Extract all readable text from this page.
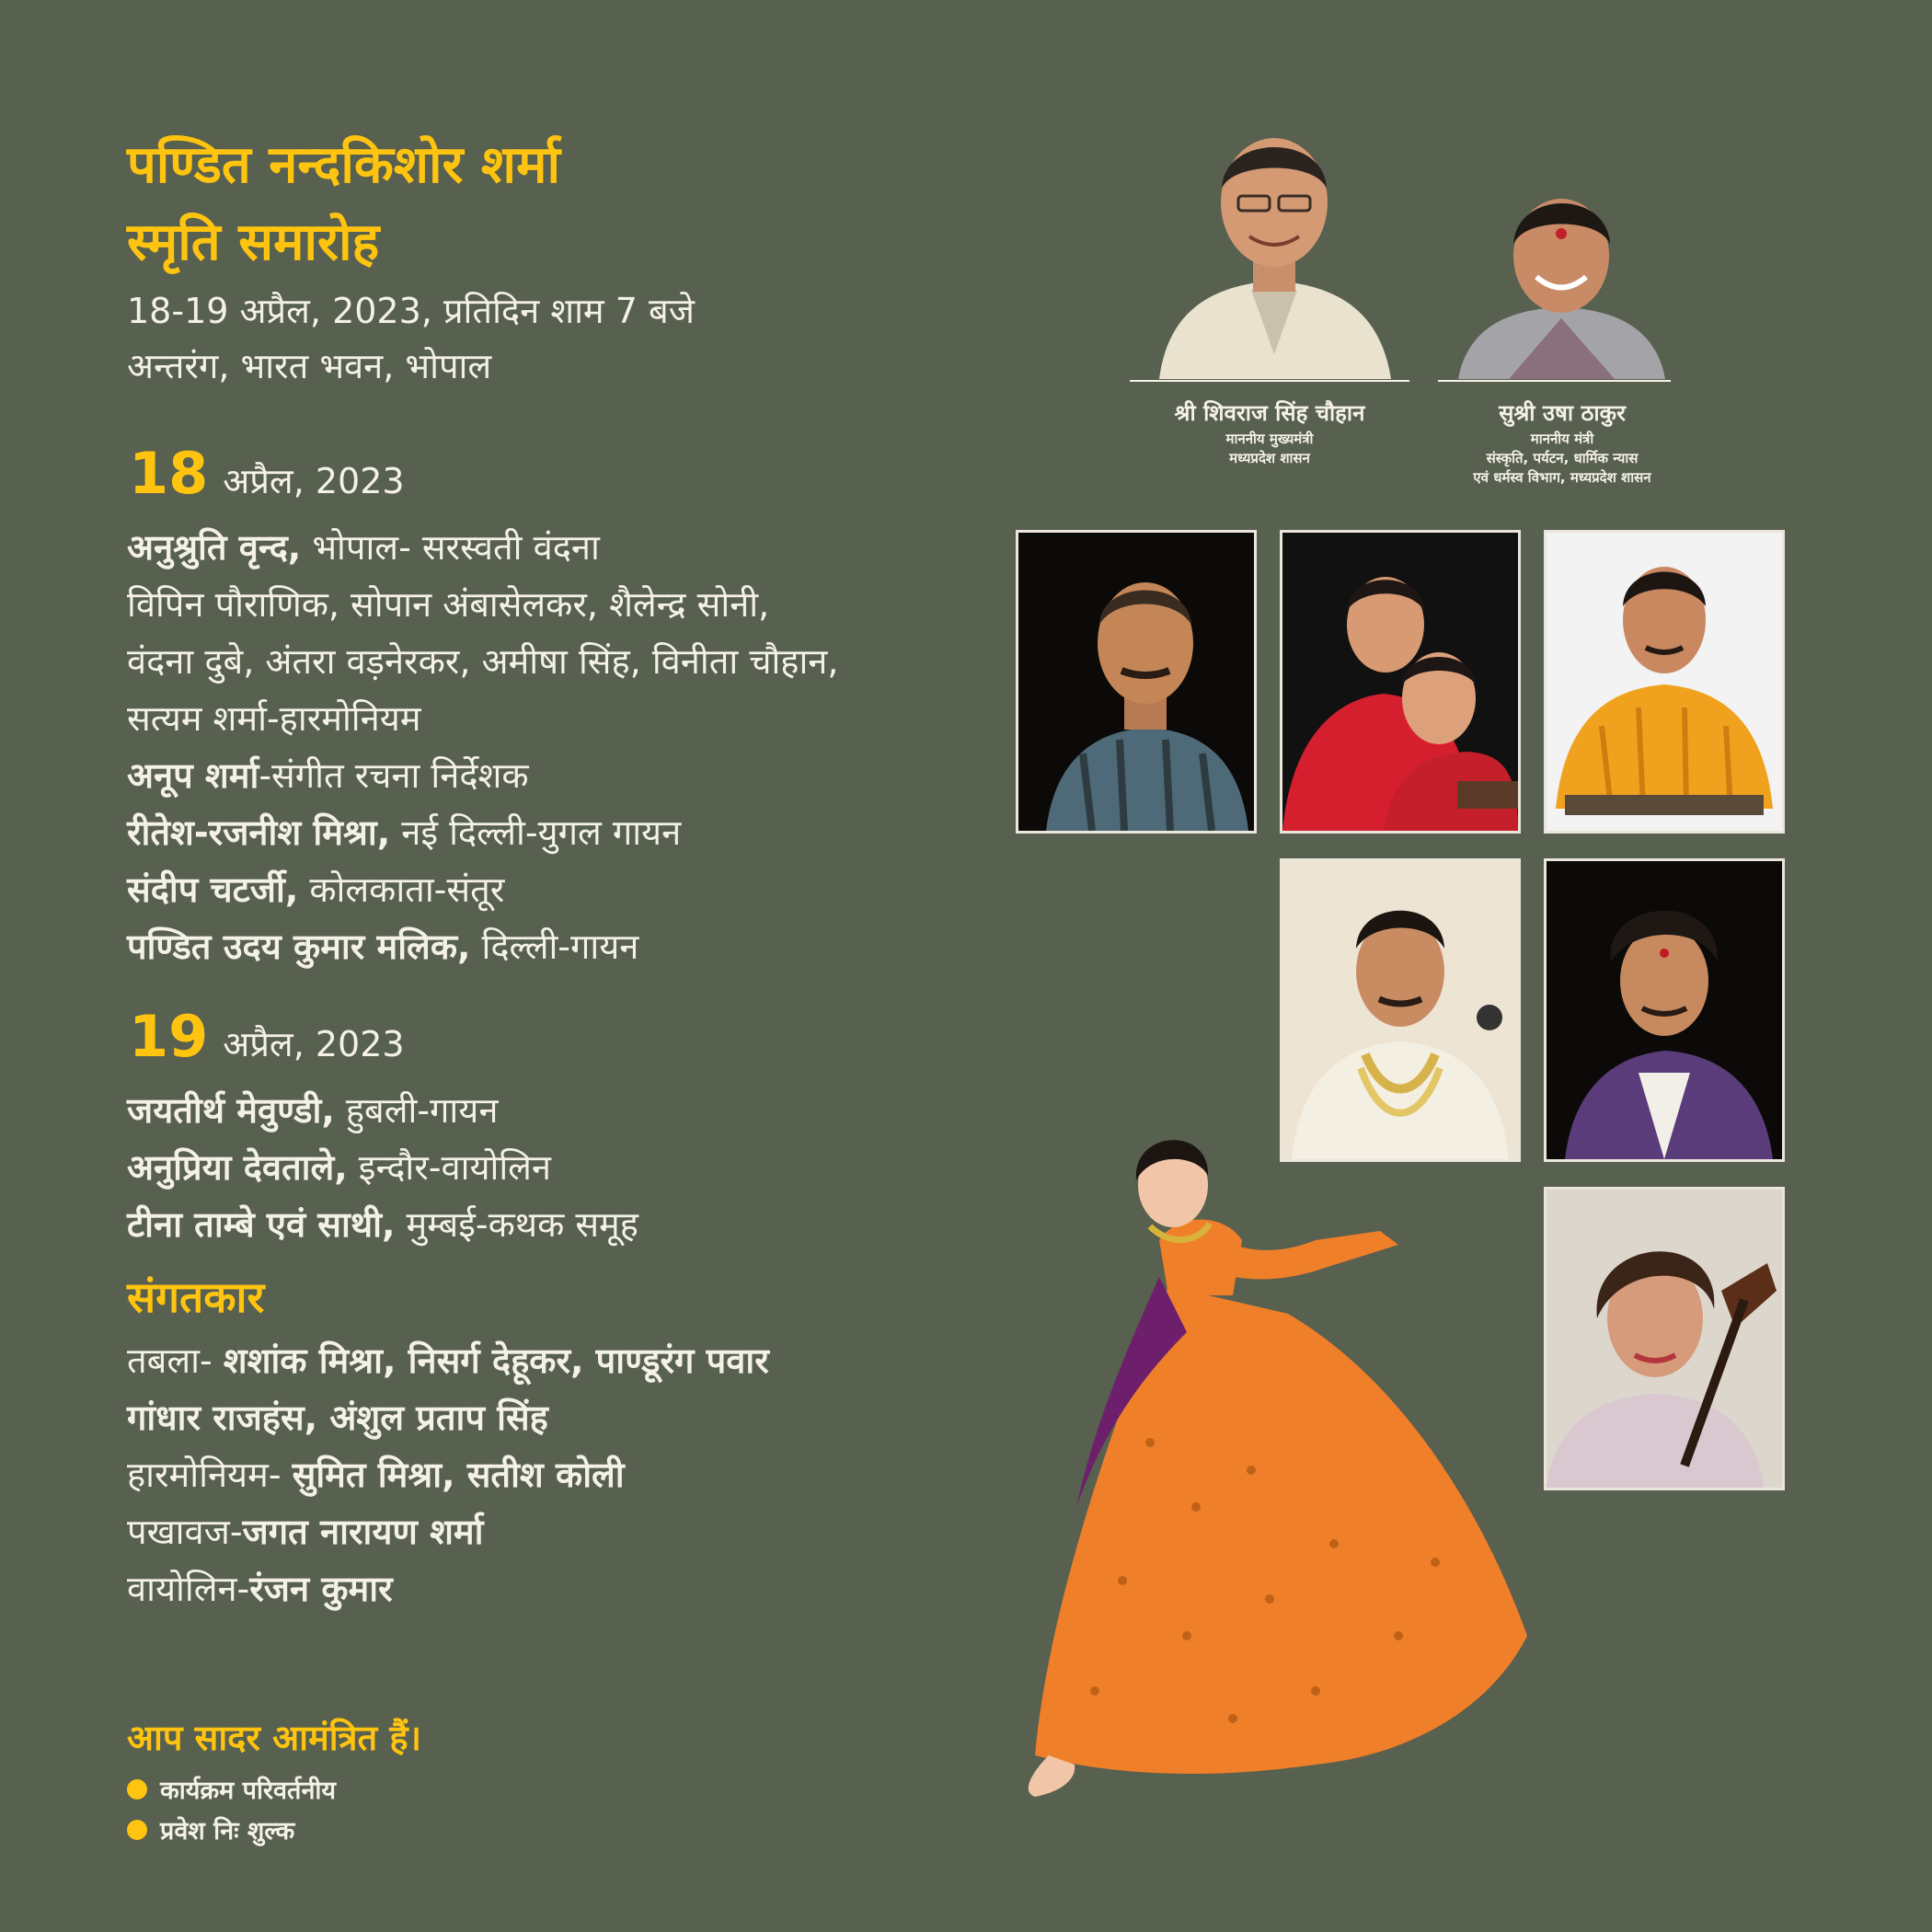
पण्डित नन्दकिशोर शर्मा
स्मृति समारोह
18-19 अप्रैल, 2023, प्रतिदिन शाम 7 बजे
अन्तरंग, भारत भवन, भोपाल
18 अप्रैल, 2023
अनुश्रुति वृन्द, भोपाल- सरस्वती वंदना
विपिन पौराणिक, सोपान अंबासेलकर, शैलेन्द्र सोनी,
वंदना दुबे, अंतरा वड़नेरकर, अमीषा सिंह, विनीता चौहान,
सत्यम शर्मा-हारमोनियम
अनूप शर्मा-संगीत रचना निर्देशक
रीतेश-रजनीश मिश्रा, नई दिल्ली-युगल गायन
संदीप चटर्जी, कोलकाता-संतूर
पण्डित उदय कुमार मलिक, दिल्ली-गायन
19 अप्रैल, 2023
जयतीर्थ मेवुण्डी, हुबली-गायन
अनुप्रिया देवताले, इन्दौर-वायोलिन
टीना ताम्बे एवं साथी, मुम्बई-कथक समूह
संगतकार
तबला- शशांक मिश्रा, निसर्ग देहूकर, पाण्डूरंग पवार
गांधार राजहंस, अंशुल प्रताप सिंह
हारमोनियम- सुमित मिश्रा, सतीश कोली
पखावज-जगत नारायण शर्मा
वायोलिन-रंजन कुमार
आप सादर आमंत्रित हैं।
कार्यक्रम परिवर्तनीय
प्रवेश निः शुल्क
श्री शिवराज सिंह चौहान
माननीय मुख्यमंत्री
मध्यप्रदेश शासन
सुश्री उषा ठाकुर
माननीय मंत्री
संस्कृति, पर्यटन, धार्मिक न्यास
एवं धर्मस्व विभाग, मध्यप्रदेश शासन
